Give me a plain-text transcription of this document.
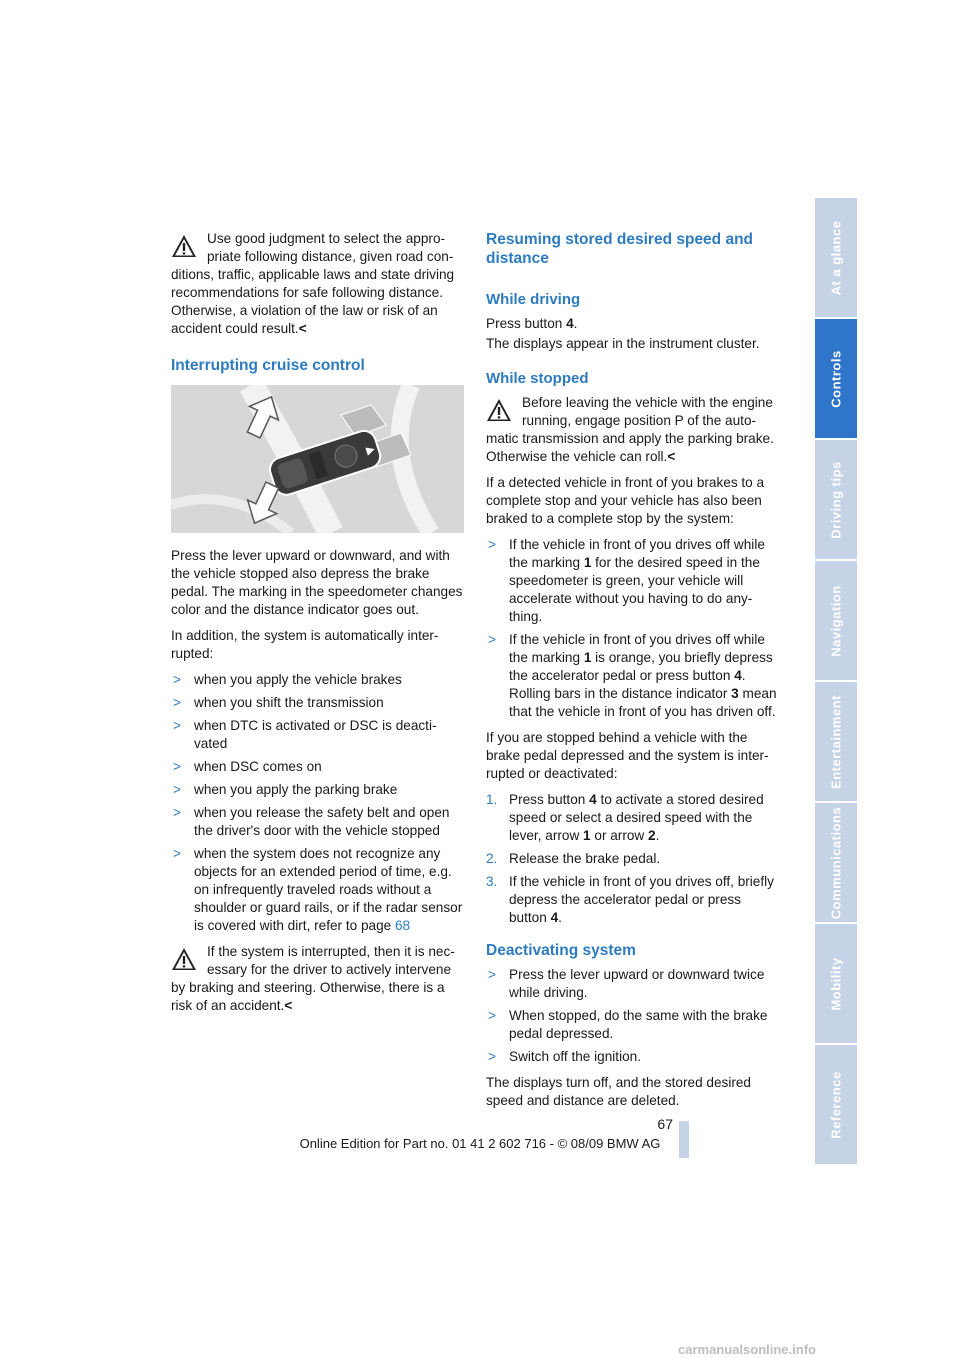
Use good judgment to select the appro-priate following distance, given road con-
ditions, traffic, applicable laws and state driving recommendations for safe following distance. Otherwise, a violation of the law or risk of an accident could result.<

Interrupting cruise control
▶

Press the lever upward or downward, and with the vehicle stopped also depress the brake pedal. The marking in the speedometer changes color and the distance indicator goes out.

In addition, the system is automatically inter-rupted:

> when you apply the vehicle brakes
> when you shift the transmission
> when DTC is activated or DSC is deacti-vated
> when DSC comes on
> when you apply the parking brake
> when you release the safety belt and open the driver's door with the vehicle stopped
> when the system does not recognize any objects for an extended period of time, e.g. on infrequently traveled roads without a shoulder or guard rails, or if the radar sensor is covered with dirt, refer to page 68

If the system is interrupted, then it is nec-essary for the driver to actively intervene
by braking and steering. Otherwise, there is a risk of an accident.<

Resuming stored desired speed and distance
While driving

Press button 4.

The displays appear in the instrument cluster.

While stopped

Before leaving the vehicle with the engine running, engage position P of the auto-
matic transmission and apply the parking brake. Otherwise the vehicle can roll.<

If a detected vehicle in front of you brakes to a complete stop and your vehicle has also been braked to a complete stop by the system:

> If the vehicle in front of you drives off while the marking 1 for the desired speed in the speedometer is green, your vehicle will accelerate without you having to do any-thing.
> If the vehicle in front of you drives off while the marking 1 is orange, you briefly depress the accelerator pedal or press button 4. Rolling bars in the distance indicator 3 mean that the vehicle in front of you has driven off.

If you are stopped behind a vehicle with the brake pedal depressed and the system is inter-rupted or deactivated:

1. Press button 4 to activate a stored desired speed or select a desired speed with the lever, arrow 1 or arrow 2.
2. Release the brake pedal.
3. If the vehicle in front of you drives off, briefly depress the accelerator pedal or press button 4.
Deactivating system
> Press the lever upward or downward twice while driving.
> When stopped, do the same with the brake pedal depressed.
> Switch off the ignition.

The displays turn off, and the stored desired speed and distance are deleted.

At a glance
Controls
Driving tips
Navigation
Entertainment
Communications
Mobility
Reference
67
Online Edition for Part no. 01 41 2 602 716 - © 08/09 BMW AG
carmanualsonline.info
